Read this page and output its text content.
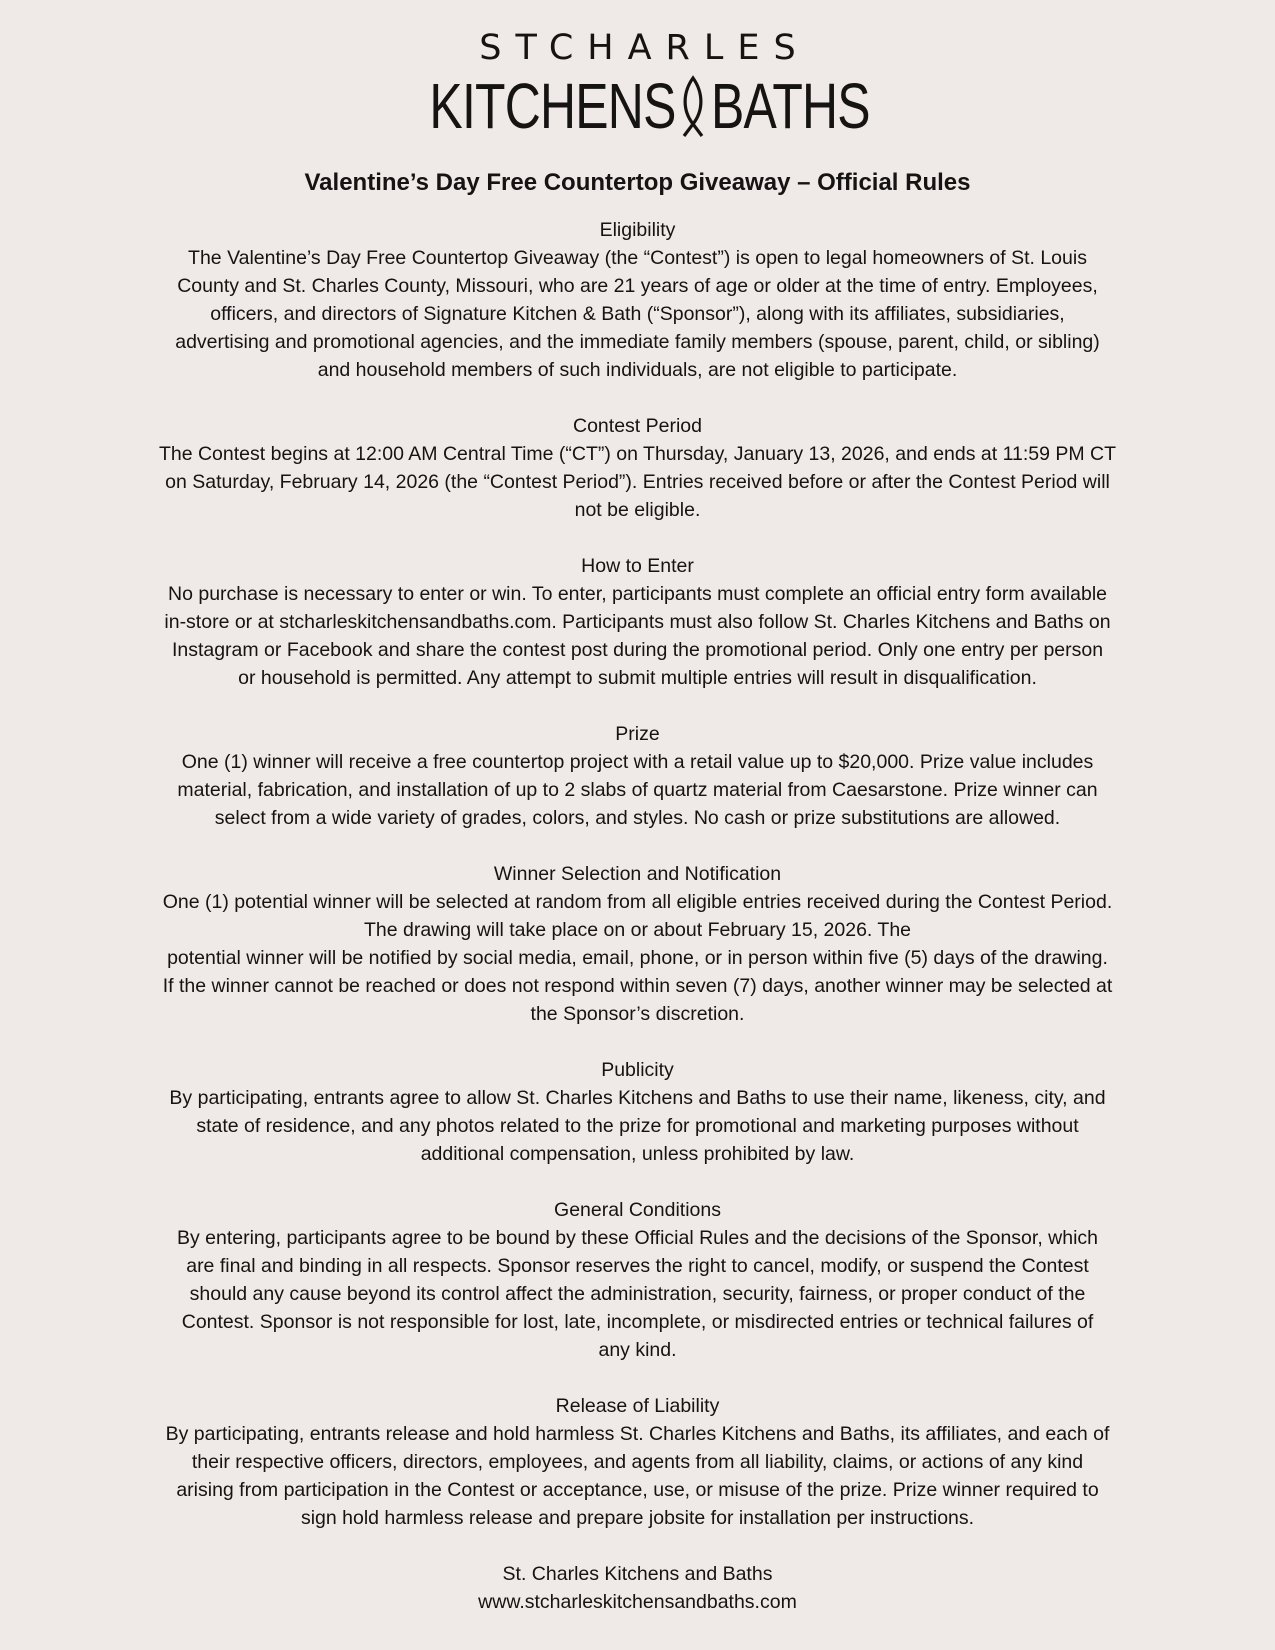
STCHARLES
KITCHENS BATHS
Valentine’s Day Free Countertop Giveaway – Official Rules
Eligibility
The Valentine’s Day Free Countertop Giveaway (the “Contest”) is open to legal homeowners of St. Louis
County and St. Charles County, Missouri, who are 21 years of age or older at the time of entry. Employees,
officers, and directors of Signature Kitchen & Bath (“Sponsor”), along with its affiliates, subsidiaries,
advertising and promotional agencies, and the immediate family members (spouse, parent, child, or sibling)
and household members of such individuals, are not eligible to participate.
Contest Period
The Contest begins at 12:00 AM Central Time (“CT”) on Thursday, January 13, 2026, and ends at 11:59 PM CT
on Saturday, February 14, 2026 (the “Contest Period”). Entries received before or after the Contest Period will
not be eligible.
How to Enter
No purchase is necessary to enter or win. To enter, participants must complete an official entry form available
in-store or at stcharleskitchensandbaths.com. Participants must also follow St. Charles Kitchens and Baths on
Instagram or Facebook and share the contest post during the promotional period. Only one entry per person
or household is permitted. Any attempt to submit multiple entries will result in disqualification.
Prize
One (1) winner will receive a free countertop project with a retail value up to $20,000. Prize value includes
material, fabrication, and installation of up to 2 slabs of quartz material from Caesarstone. Prize winner can
select from a wide variety of grades, colors, and styles. No cash or prize substitutions are allowed.
Winner Selection and Notification
One (1) potential winner will be selected at random from all eligible entries received during the Contest Period.
The drawing will take place on or about February 15, 2026. The
potential winner will be notified by social media, email, phone, or in person within five (5) days of the drawing.
If the winner cannot be reached or does not respond within seven (7) days, another winner may be selected at
the Sponsor’s discretion.
Publicity
By participating, entrants agree to allow St. Charles Kitchens and Baths to use their name, likeness, city, and
state of residence, and any photos related to the prize for promotional and marketing purposes without
additional compensation, unless prohibited by law.
General Conditions
By entering, participants agree to be bound by these Official Rules and the decisions of the Sponsor, which
are final and binding in all respects. Sponsor reserves the right to cancel, modify, or suspend the Contest
should any cause beyond its control affect the administration, security, fairness, or proper conduct of the
Contest. Sponsor is not responsible for lost, late, incomplete, or misdirected entries or technical failures of
any kind.
Release of Liability
By participating, entrants release and hold harmless St. Charles Kitchens and Baths, its affiliates, and each of
their respective officers, directors, employees, and agents from all liability, claims, or actions of any kind
arising from participation in the Contest or acceptance, use, or misuse of the prize. Prize winner required to
sign hold harmless release and prepare jobsite for installation per instructions.
St. Charles Kitchens and Baths
www.stcharleskitchensandbaths.com
